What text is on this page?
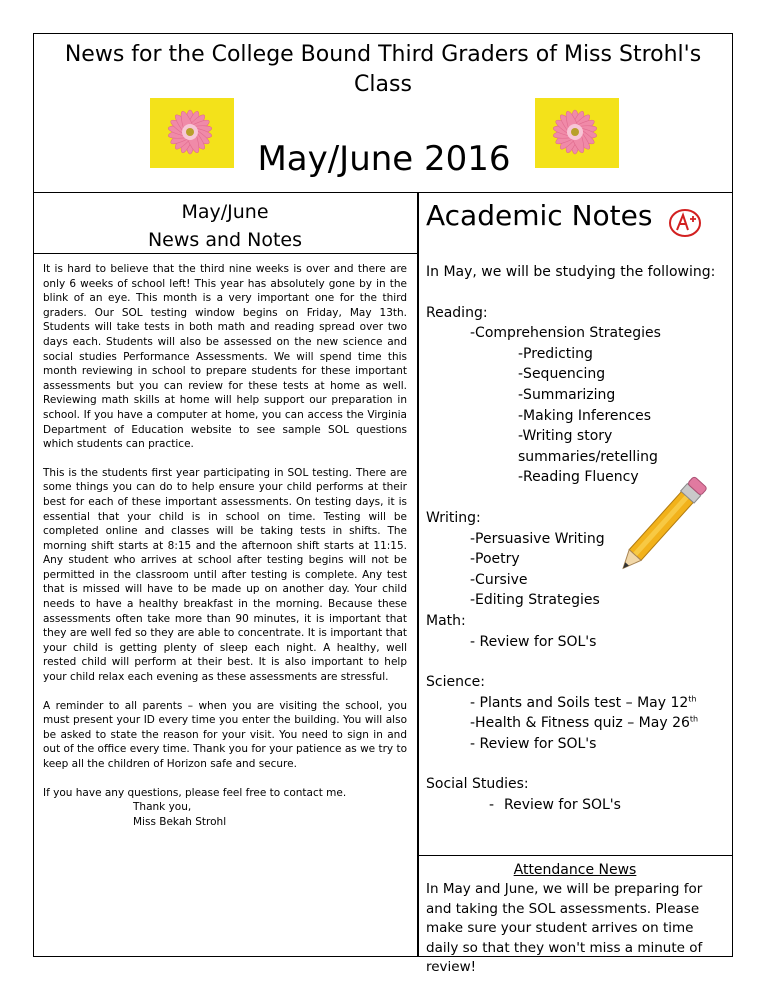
News for the College Bound Third Graders of Miss Strohl's Class
May/June 2016
May/June
News and Notes

It is hard to believe that the third nine weeks is over and there are only 6 weeks of school left! This year has absolutely gone by in the blink of an eye. This month is a very important one for the third graders. Our SOL testing window begins on Friday, May 13th. Students will take tests in both math and reading spread over two days each. Students will also be assessed on the new science and social studies Performance Assessments. We will spend time this month reviewing in school to prepare students for these important assessments but you can review for these tests at home as well. Reviewing math skills at home will help support our preparation in school. If you have a computer at home, you can access the Virginia Department of Education website to see sample SOL questions which students can practice.

This is the students first year participating in SOL testing. There are some things you can do to help ensure your child performs at their best for each of these important assessments. On testing days, it is essential that your child is in school on time. Testing will be completed online and classes will be taking tests in shifts. The morning shift starts at 8:15 and the afternoon shift starts at 11:15. Any student who arrives at school after testing begins will not be permitted in the classroom until after testing is complete. Any test that is missed will have to be made up on another day. Your child needs to have a healthy breakfast in the morning. Because these assessments often take more than 90 minutes, it is important that they are well fed so they are able to concentrate. It is important that your child is getting plenty of sleep each night. A healthy, well rested child will perform at their best. It is also important to help your child relax each evening as these assessments are stressful.

A reminder to all parents – when you are visiting the school, you must present your ID every time you enter the building. You will also be asked to state the reason for your visit. You need to sign in and out of the office every time. Thank you for your patience as we try to keep all the children of Horizon safe and secure.

If you have any questions, please feel free to contact me.
Thank you,
Miss Bekah Strohl
Academic Notes
In May, we will be studying the following:
Reading:
-Comprehension Strategies
-Predicting
-Sequencing
-Summarizing
-Making Inferences
-Writing story
summaries/retelling
-Reading Fluency
Writing:
-Persuasive Writing
-Poetry
-Cursive
-Editing Strategies
Math:
- Review for SOL's
Science:
- Plants and Soils test – May 12th
-Health & Fitness quiz – May 26th
- Review for SOL's
Social Studies:
- Review for SOL's
Attendance News
In May and June, we will be preparing for and taking the SOL assessments. Please make sure your student arrives on time daily so that they won't miss a minute of review!
